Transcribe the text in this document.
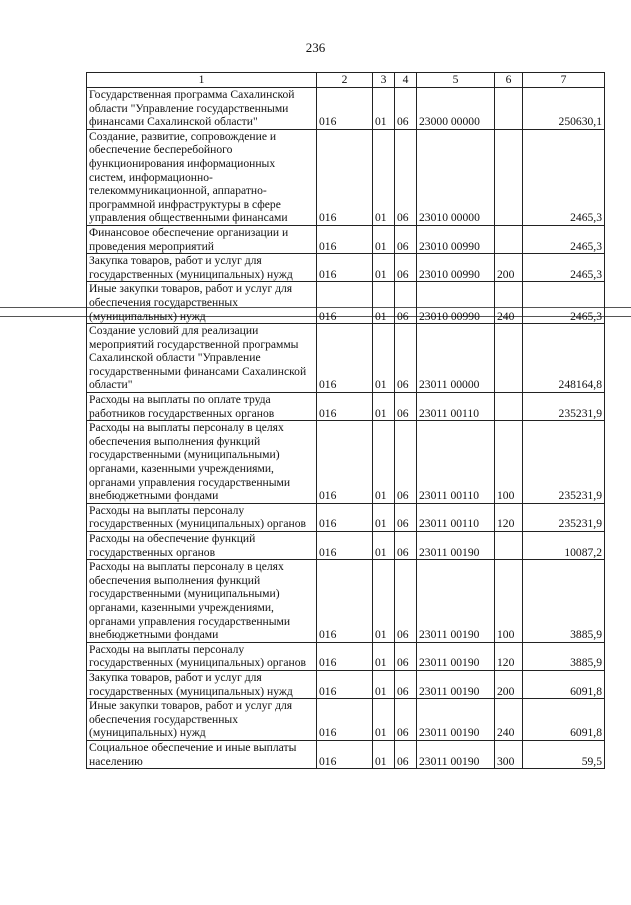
236
1	2	3	4	5	6	7
Государственная программа Сахалинской области "Управление государственными финансами Сахалинской области"	016	01	06	23000 00000		250630,1
Создание, развитие, сопровождение и обеспечение бесперебойного функционирования информационных систем, информационно-телекоммуникационной, аппаратно-программной инфраструктуры в сфере управления общественными финансами	016	01	06	23010 00000		2465,3
Финансовое обеспечение организации и проведения мероприятий	016	01	06	23010 00990		2465,3
Закупка товаров, работ и услуг для государственных (муниципальных) нужд	016	01	06	23010 00990	200	2465,3
Иные закупки товаров, работ и услуг для обеспечения государственных (муниципальных) нужд	016	01	06	23010 00990	240	2465,3
Создание условий для реализации мероприятий государственной программы Сахалинской области "Управление государственными финансами Сахалинской области"	016	01	06	23011 00000		248164,8
Расходы на выплаты по оплате труда работников государственных органов	016	01	06	23011 00110		235231,9
Расходы на выплаты персоналу в целях обеспечения выполнения функций государственными (муниципальными) органами, казенными учреждениями, органами управления государственными внебюджетными фондами	016	01	06	23011 00110	100	235231,9
Расходы на выплаты персоналу государственных (муниципальных) органов	016	01	06	23011 00110	120	235231,9
Расходы на обеспечение функций государственных органов	016	01	06	23011 00190		10087,2
Расходы на выплаты персоналу в целях обеспечения выполнения функций государственными (муниципальными) органами, казенными учреждениями, органами управления государственными внебюджетными фондами	016	01	06	23011 00190	100	3885,9
Расходы на выплаты персоналу государственных (муниципальных) органов	016	01	06	23011 00190	120	3885,9
Закупка товаров, работ и услуг для государственных (муниципальных) нужд	016	01	06	23011 00190	200	6091,8
Иные закупки товаров, работ и услуг для обеспечения государственных (муниципальных) нужд	016	01	06	23011 00190	240	6091,8
Социальное обеспечение и иные выплаты населению	016	01	06	23011 00190	300	59,5
